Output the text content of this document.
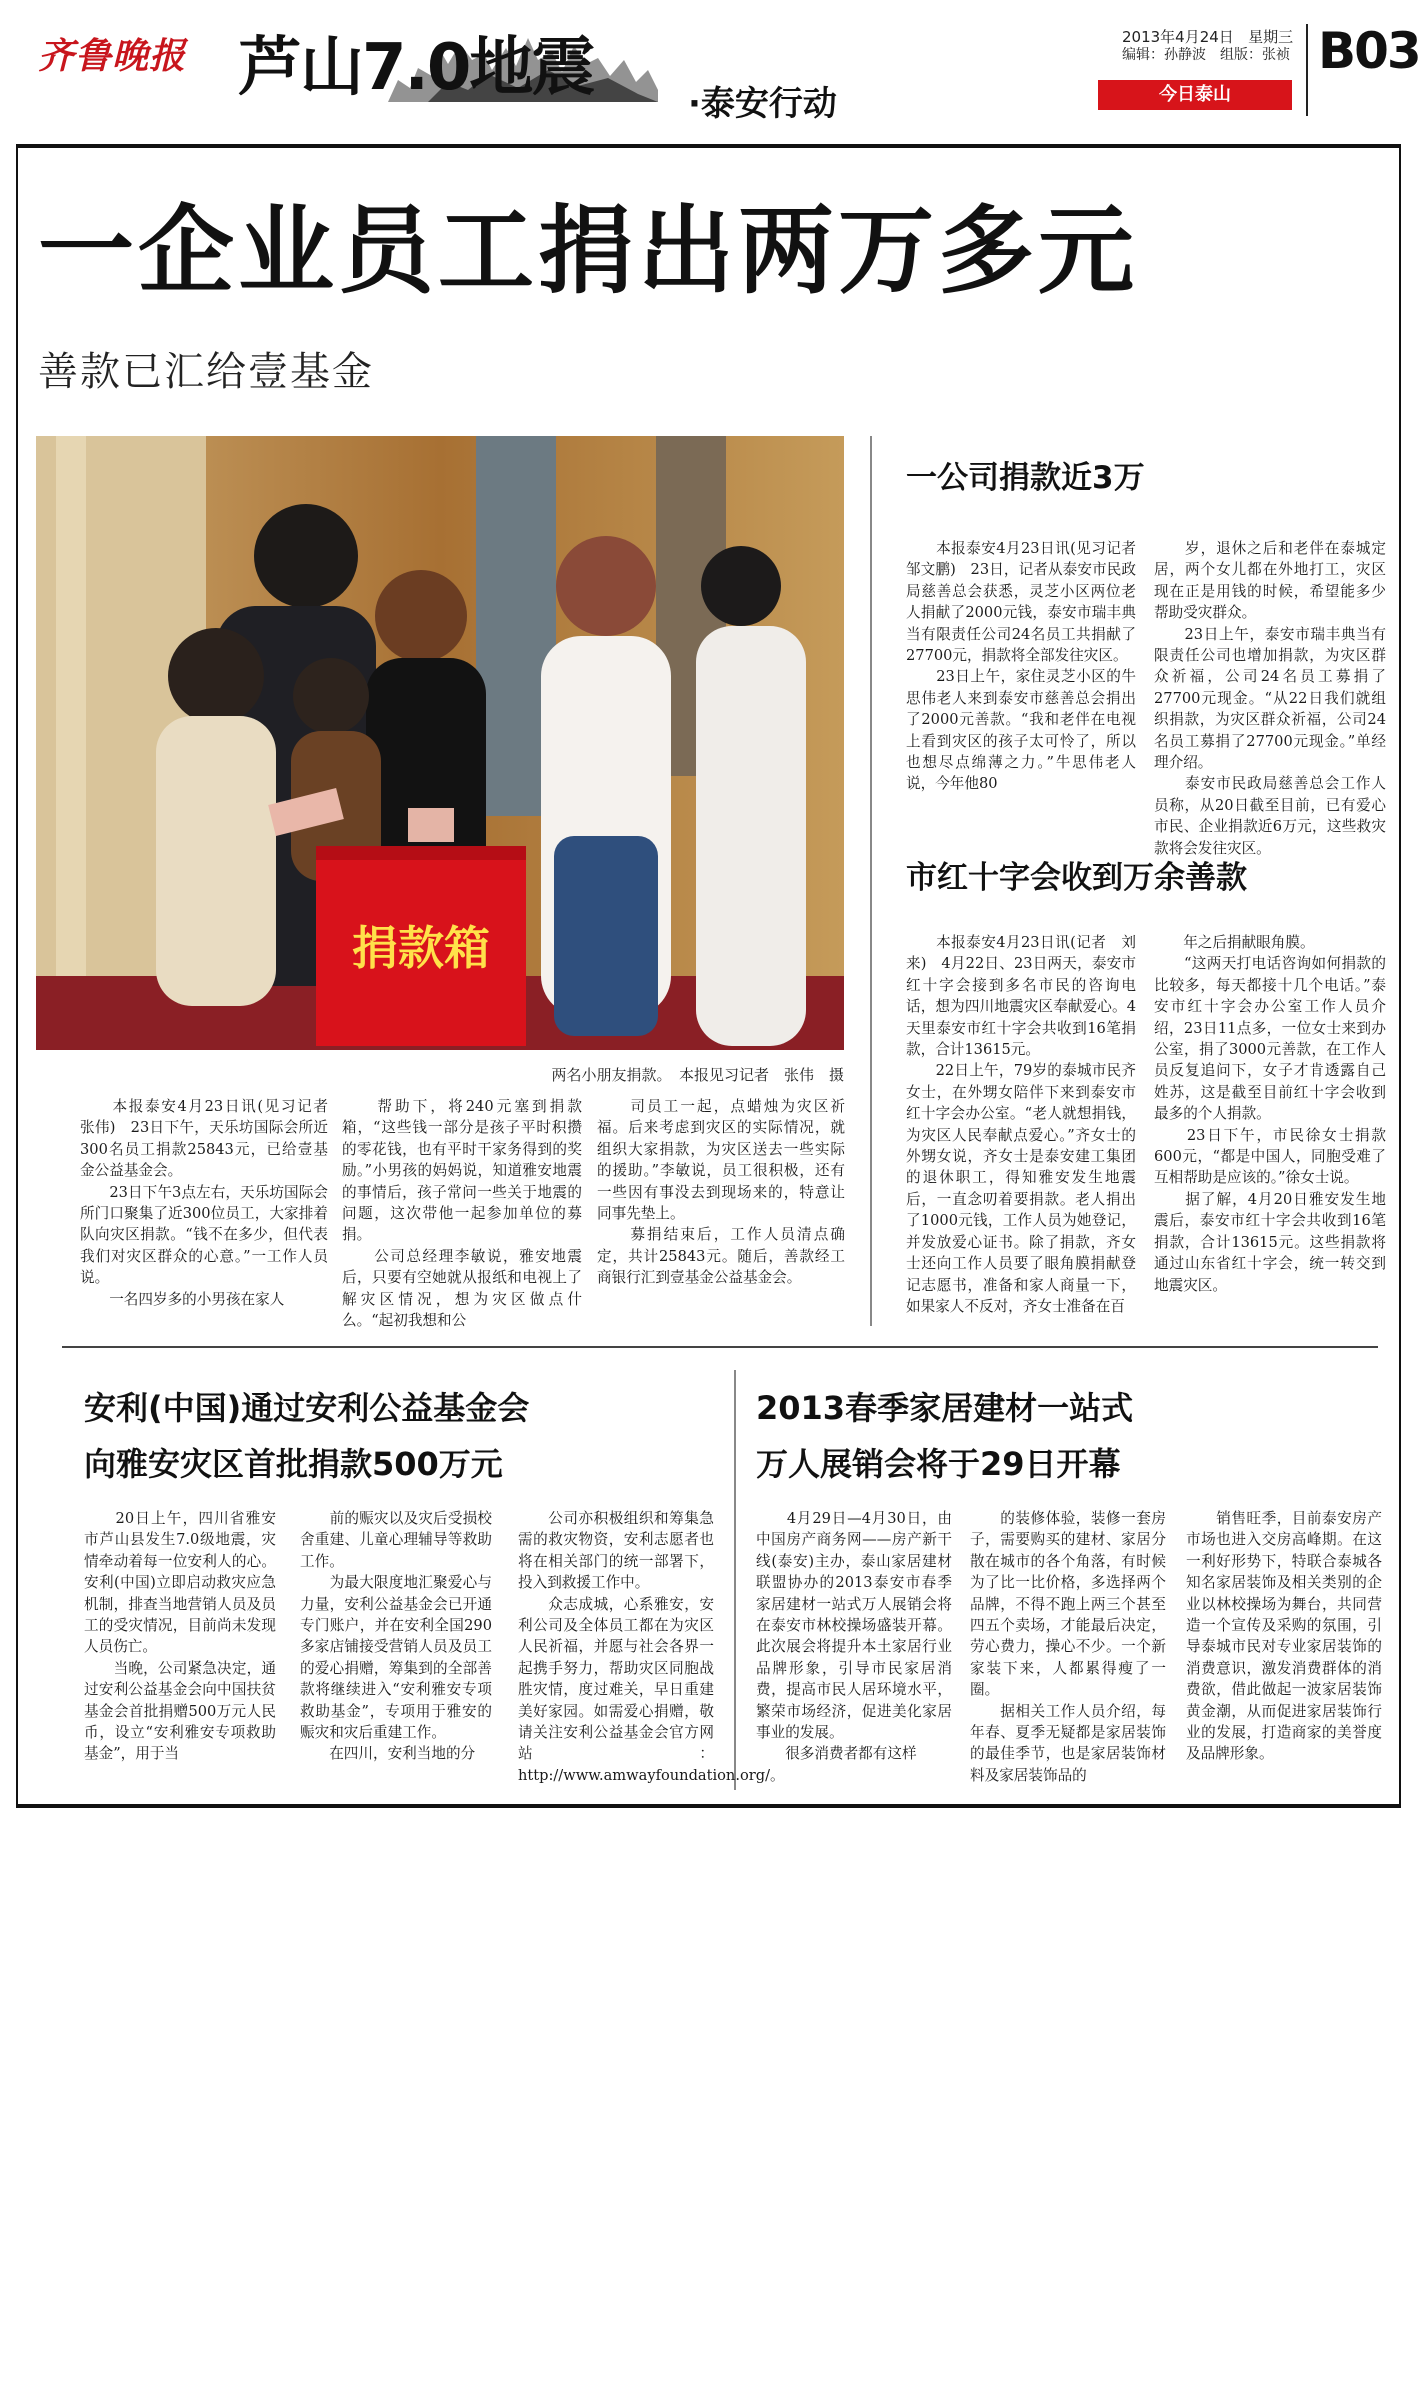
齐鲁晚报 芦山7.0地震	·泰安行动
2013年4月24日 星期三
编辑：孙静波　组版：张祯
今日泰山
B03
一企业员工捐出两万多元
善款已汇给壹基金
捐款箱
两名小朋友捐款。　本报见习记者　张伟　摄
　　本报泰安4月23日讯(见习记者　张伟)　23日下午，天乐坊国际会所近300名员工捐款25843元，已给壹基金公益基金会。
　　23日下午3点左右，天乐坊国际会所门口聚集了近300位员工，大家排着队向灾区捐款。“钱不在多少，但代表我们对灾区群众的心意。”一工作人员说。
　　一名四岁多的小男孩在家人
　　帮助下，将240元塞到捐款箱，“这些钱一部分是孩子平时积攒的零花钱，也有平时干家务得到的奖励。”小男孩的妈妈说，知道雅安地震的事情后，孩子常问一些关于地震的问题，这次带他一起参加单位的募捐。
　　公司总经理李敏说，雅安地震后，只要有空她就从报纸和电视上了解灾区情况，想为灾区做点什么。“起初我想和公
　　司员工一起，点蜡烛为灾区祈福。后来考虑到灾区的实际情况，就组织大家捐款，为灾区送去一些实际的援助。”李敏说，员工很积极，还有一些因有事没去到现场来的，特意让同事先垫上。
　　募捐结束后，工作人员清点确定，共计25843元。随后，善款经工商银行汇到壹基金公益基金会。
一公司捐款近3万
　　本报泰安4月23日讯(见习记者　邹文鹏)　23日，记者从泰安市民政局慈善总会获悉，灵芝小区两位老人捐献了2000元钱，泰安市瑞丰典当有限责任公司24名员工共捐献了27700元，捐款将全部发往灾区。
　　23日上午，家住灵芝小区的牛思伟老人来到泰安市慈善总会捐出了2000元善款。“我和老伴在电视上看到灾区的孩子太可怜了，所以也想尽点绵薄之力。”牛思伟老人说，今年他80
　　岁，退休之后和老伴在泰城定居，两个女儿都在外地打工，灾区现在正是用钱的时候，希望能多少帮助受灾群众。
　　23日上午，泰安市瑞丰典当有限责任公司也增加捐款，为灾区群众祈福，公司24名员工募捐了27700元现金。“从22日我们就组织捐款，为灾区群众祈福，公司24名员工募捐了27700元现金。”单经理介绍。
　　泰安市民政局慈善总会工作人员称，从20日截至目前，已有爱心市民、企业捐款近6万元，这些救灾款将会发往灾区。
市红十字会收到万余善款
　　本报泰安4月23日讯(记者　刘来)　4月22日、23日两天，泰安市红十字会接到多名市民的咨询电话，想为四川地震灾区奉献爱心。4天里泰安市红十字会共收到16笔捐款，合计13615元。
　　22日上午，79岁的泰城市民齐女士，在外甥女陪伴下来到泰安市红十字会办公室。“老人就想捐钱，为灾区人民奉献点爱心。”齐女士的外甥女说，齐女士是泰安建工集团的退休职工，得知雅安发生地震后，一直念叨着要捐款。老人捐出了1000元钱，工作人员为她登记，并发放爱心证书。除了捐款，齐女士还向工作人员要了眼角膜捐献登记志愿书，准备和家人商量一下，如果家人不反对，齐女士准备在百
　　年之后捐献眼角膜。
　　“这两天打电话咨询如何捐款的比较多，每天都接十几个电话。”泰安市红十字会办公室工作人员介绍，23日11点多，一位女士来到办公室，捐了3000元善款，在工作人员反复追问下，女子才肯透露自己姓苏，这是截至目前红十字会收到最多的个人捐款。
　　23日下午，市民徐女士捐款600元，“都是中国人，同胞受难了互相帮助是应该的。”徐女士说。
　　据了解，4月20日雅安发生地震后，泰安市红十字会共收到16笔捐款，合计13615元。这些捐款将通过山东省红十字会，统一转交到地震灾区。
安利(中国)通过安利公益基金会
向雅安灾区首批捐款500万元
　　20日上午，四川省雅安市芦山县发生7.0级地震，灾情牵动着每一位安利人的心。安利(中国)立即启动救灾应急机制，排查当地营销人员及员工的受灾情况，目前尚未发现人员伤亡。
　　当晚，公司紧急决定，通过安利公益基金会向中国扶贫基金会首批捐赠500万元人民币，设立“安利雅安专项救助基金”，用于当
　　前的赈灾以及灾后受损校舍重建、儿童心理辅导等救助工作。
　　为最大限度地汇聚爱心与力量，安利公益基金会已开通专门账户，并在安利全国290多家店铺接受营销人员及员工的爱心捐赠，筹集到的全部善款将继续进入“安利雅安专项救助基金”，专项用于雅安的赈灾和灾后重建工作。
　　在四川，安利当地的分
　　公司亦积极组织和筹集急需的救灾物资，安利志愿者也将在相关部门的统一部署下，投入到救援工作中。
　　众志成城，心系雅安，安利公司及全体员工都在为灾区人民祈福，并愿与社会各界一起携手努力，帮助灾区同胞战胜灾情，度过难关，早日重建美好家园。如需爱心捐赠，敬请关注安利公益基金会官方网站：http://www.amwayfoundation.org/。
2013春季家居建材一站式
万人展销会将于29日开幕
　　4月29日—4月30日，由中国房产商务网——房产新干线(泰安)主办，泰山家居建材联盟协办的2013泰安市春季家居建材一站式万人展销会将在泰安市林校操场盛装开幕。此次展会将提升本土家居行业品牌形象，引导市民家居消费，提高市民人居环境水平，繁荣市场经济，促进美化家居事业的发展。
　　很多消费者都有这样
　　的装修体验，装修一套房子，需要购买的建材、家居分散在城市的各个角落，有时候为了比一比价格，多选择两个品牌，不得不跑上两三个甚至四五个卖场，才能最后决定，劳心费力，操心不少。一个新家装下来，人都累得瘦了一圈。
　　据相关工作人员介绍，每年春、夏季无疑都是家居装饰的最佳季节，也是家居装饰材料及家居装饰品的
　　销售旺季，目前泰安房产市场也进入交房高峰期。在这一利好形势下，特联合泰城各知名家居装饰及相关类别的企业以林校操场为舞台，共同营造一个宣传及采购的氛围，引导泰城市民对专业家居装饰的消费意识，激发消费群体的消费欲，借此做起一波家居装饰黄金潮，从而促进家居装饰行业的发展，打造商家的美誉度及品牌形象。
